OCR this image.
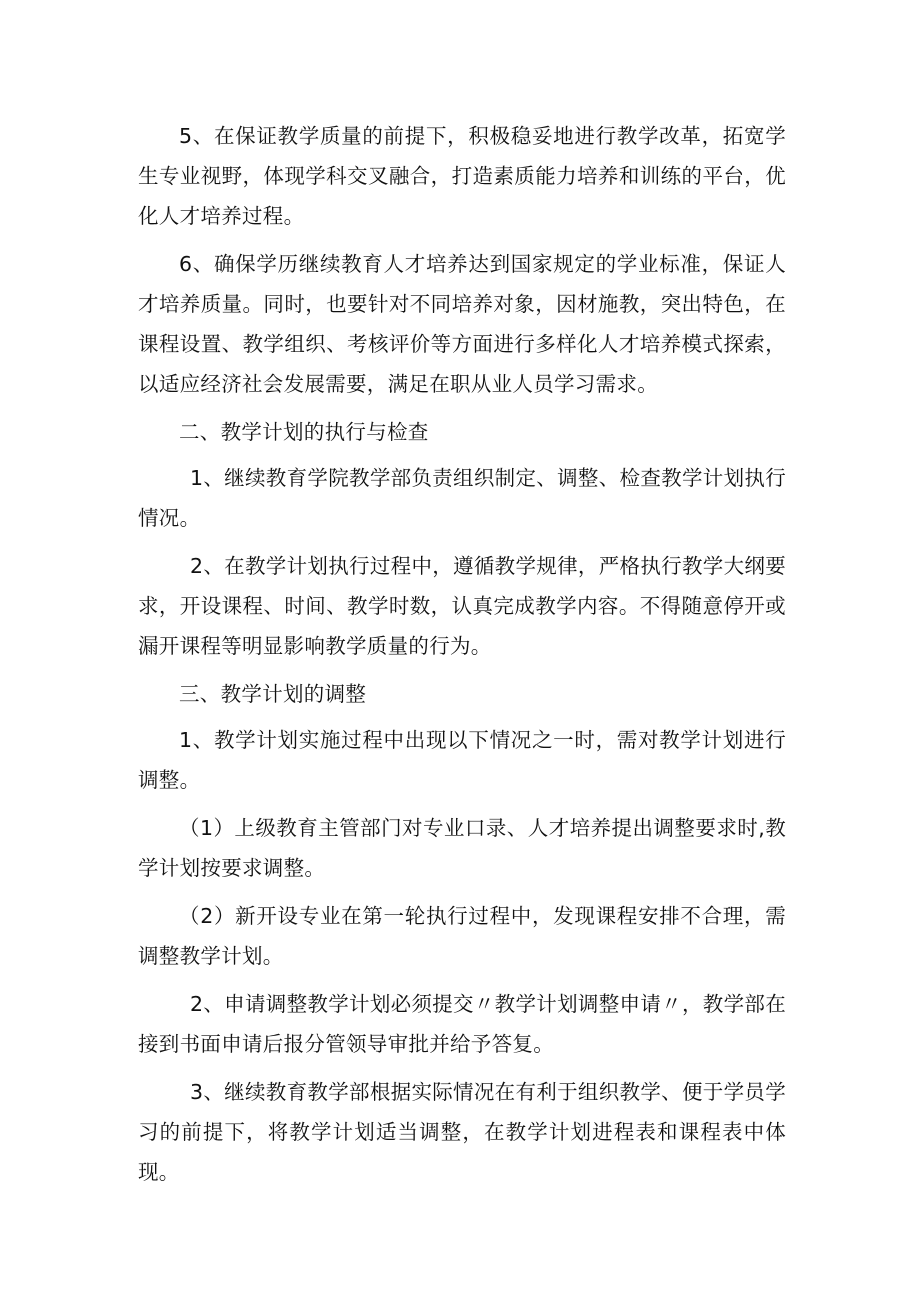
5、在保证教学质量的前提下，积极稳妥地进行教学改革，拓宽学生专业视野，体现学科交叉融合，打造素质能力培养和训练的平台，优化人才培养过程。

6、确保学历继续教育人才培养达到国家规定的学业标准，保证人才培养质量。同时，也要针对不同培养对象，因材施教，突出特色，在课程设置、教学组织、考核评价等方面进行多样化人才培养模式探索，以适应经济社会发展需要，满足在职从业人员学习需求。

二、教学计划的执行与检查

1、继续教育学院教学部负责组织制定、调整、检查教学计划执行情况。

2、在教学计划执行过程中，遵循教学规律，严格执行教学大纲要求，开设课程、时间、教学时数，认真完成教学内容。不得随意停开或漏开课程等明显影响教学质量的行为。

三、教学计划的调整

1、教学计划实施过程中出现以下情况之一时，需对教学计划进行调整。

（1）上级教育主管部门对专业口录、人才培养提出调整要求时,教学计划按要求调整。

（2）新开设专业在第一轮执行过程中，发现课程安排不合理，需调整教学计划。

2、申请调整教学计划必须提交〃教学计划调整申请〃，教学部在接到书面申请后报分管领导审批并给予答复。

3、继续教育教学部根据实际情况在有利于组织教学、便于学员学习的前提下，将教学计划适当调整，在教学计划进程表和课程表中体现。
